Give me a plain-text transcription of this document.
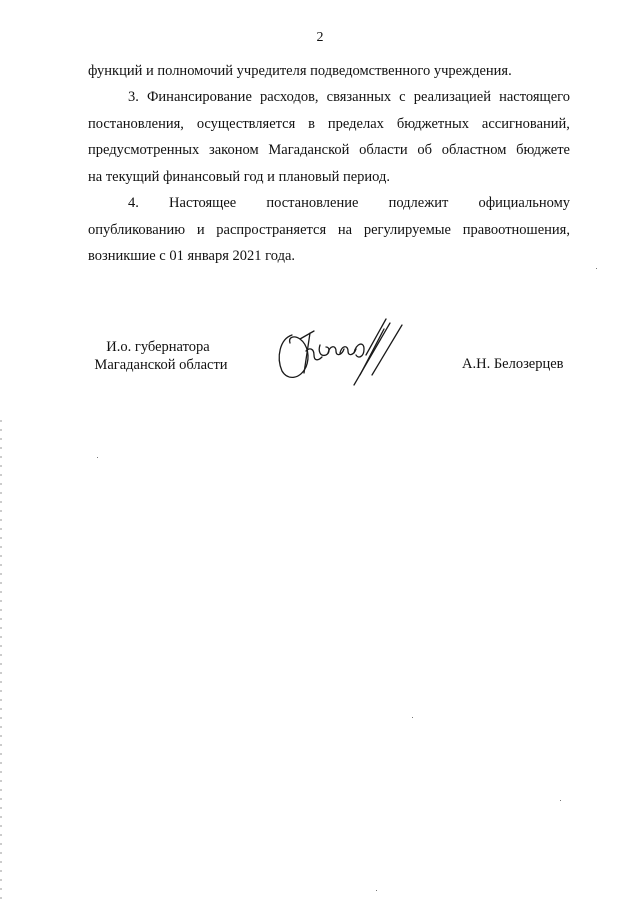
2
функций и полномочий учредителя подведомственного учреждения.
3. Финансирование расходов, связанных с реализацией настоящего
постановления, осуществляется в пределах бюджетных ассигнований,
предусмотренных законом Магаданской области об областном бюджете
на текущий финансовый год и плановый период.
4. Настоящее постановление подлежит официальному
опубликованию и распространяется на регулируемые правоотношения,
возникшие с 01 января 2021 года.
И.о. губернатора
Магаданской области	А.Н. Белозерцев
